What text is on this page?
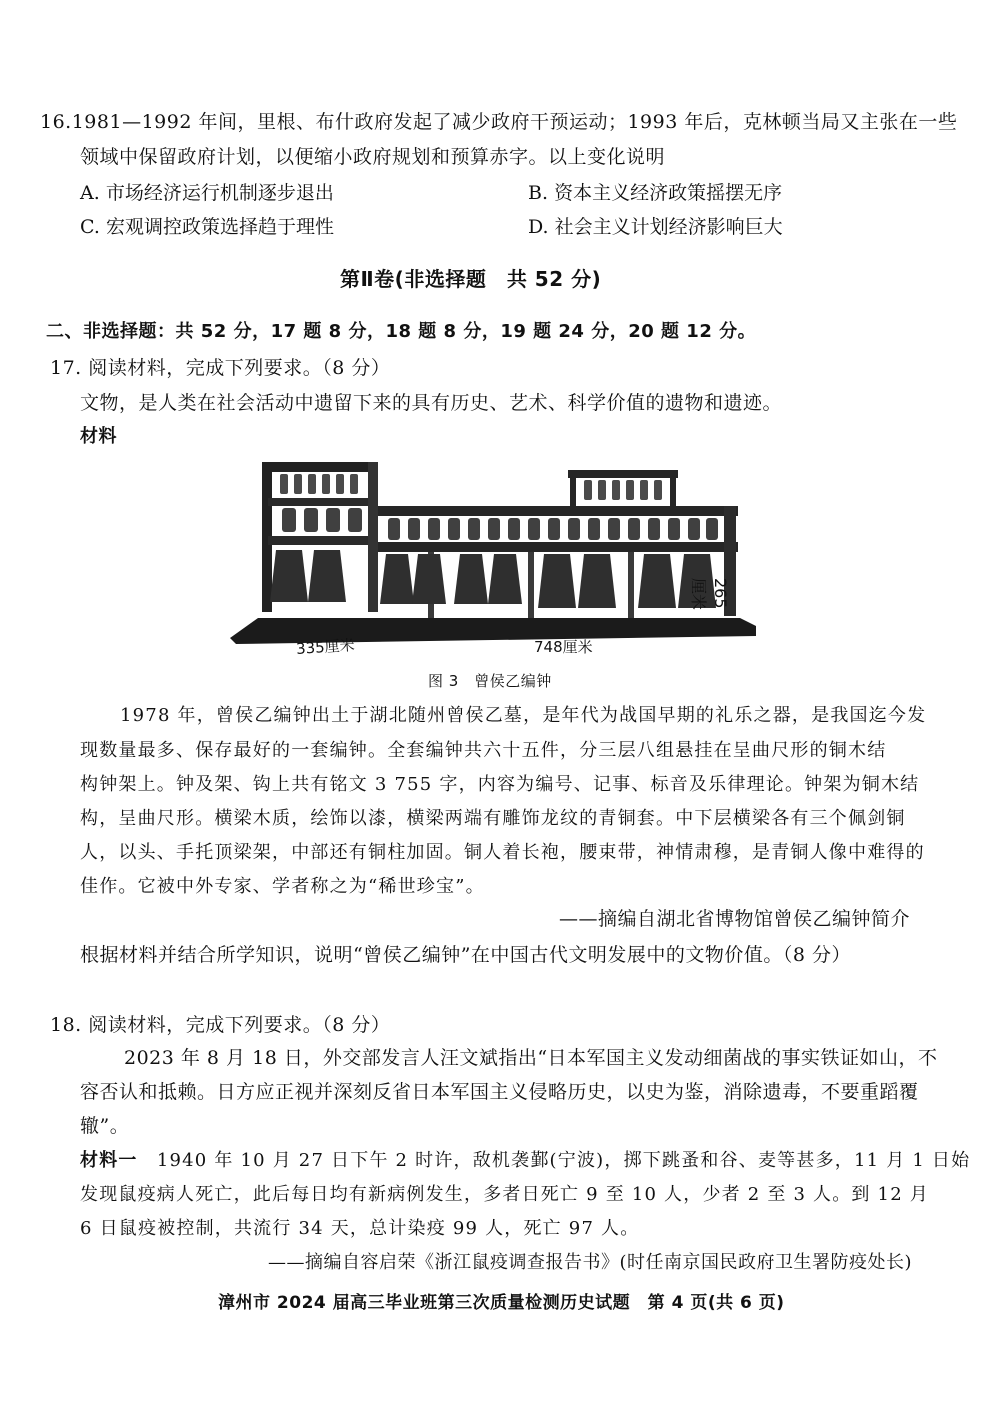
16.1981—1992 年间，里根、布什政府发起了减少政府干预运动；1993 年后，克林顿当局又主张在一些
领域中保留政府计划，以便缩小政府规划和预算赤字。以上变化说明
A. 市场经济运行机制逐步退出	B. 资本主义经济政策摇摆无序
C. 宏观调控政策选择趋于理性	D. 社会主义计划经济影响巨大
第Ⅱ卷(非选择题　共 52 分)
二、非选择题：共 52 分，17 题 8 分，18 题 8 分，19 题 24 分，20 题 12 分。
17. 阅读材料，完成下列要求。（8 分）
文物，是人类在社会活动中遗留下来的具有历史、艺术、科学价值的遗物和遗迹。
材料
335厘米	748厘米
265厘米
图 3　曾侯乙编钟
1978 年，曾侯乙编钟出土于湖北随州曾侯乙墓，是年代为战国早期的礼乐之器，是我国迄今发
现数量最多、保存最好的一套编钟。全套编钟共六十五件，分三层八组悬挂在呈曲尺形的铜木结
构钟架上。钟及架、钩上共有铭文 3 755 字，内容为编号、记事、标音及乐律理论。钟架为铜木结
构，呈曲尺形。横梁木质，绘饰以漆，横梁两端有雕饰龙纹的青铜套。中下层横梁各有三个佩剑铜
人，以头、手托顶梁架，中部还有铜柱加固。铜人着长袍，腰束带，神情肃穆，是青铜人像中难得的
佳作。它被中外专家、学者称之为“稀世珍宝”。
——摘编自湖北省博物馆曾侯乙编钟简介
根据材料并结合所学知识，说明“曾侯乙编钟”在中国古代文明发展中的文物价值。（8 分）
18. 阅读材料，完成下列要求。（8 分）
2023 年 8 月 18 日，外交部发言人汪文斌指出“日本军国主义发动细菌战的事实铁证如山，不
容否认和抵赖。日方应正视并深刻反省日本军国主义侵略历史，以史为鉴，消除遗毒，不要重蹈覆
辙”。
材料一　 1940 年 10 月 27 日下午 2 时许，敌机袭鄞(宁波)，掷下跳蚤和谷、麦等甚多，11 月 1 日始
发现鼠疫病人死亡，此后每日均有新病例发生，多者日死亡 9 至 10 人，少者 2 至 3 人。到 12 月
6 日鼠疫被控制，共流行 34 天，总计染疫 99 人，死亡 97 人。
——摘编自容启荣《浙江鼠疫调查报告书》(时任南京国民政府卫生署防疫处长)
漳州市 2024 届高三毕业班第三次质量检测历史试题　第 4 页(共 6 页)
